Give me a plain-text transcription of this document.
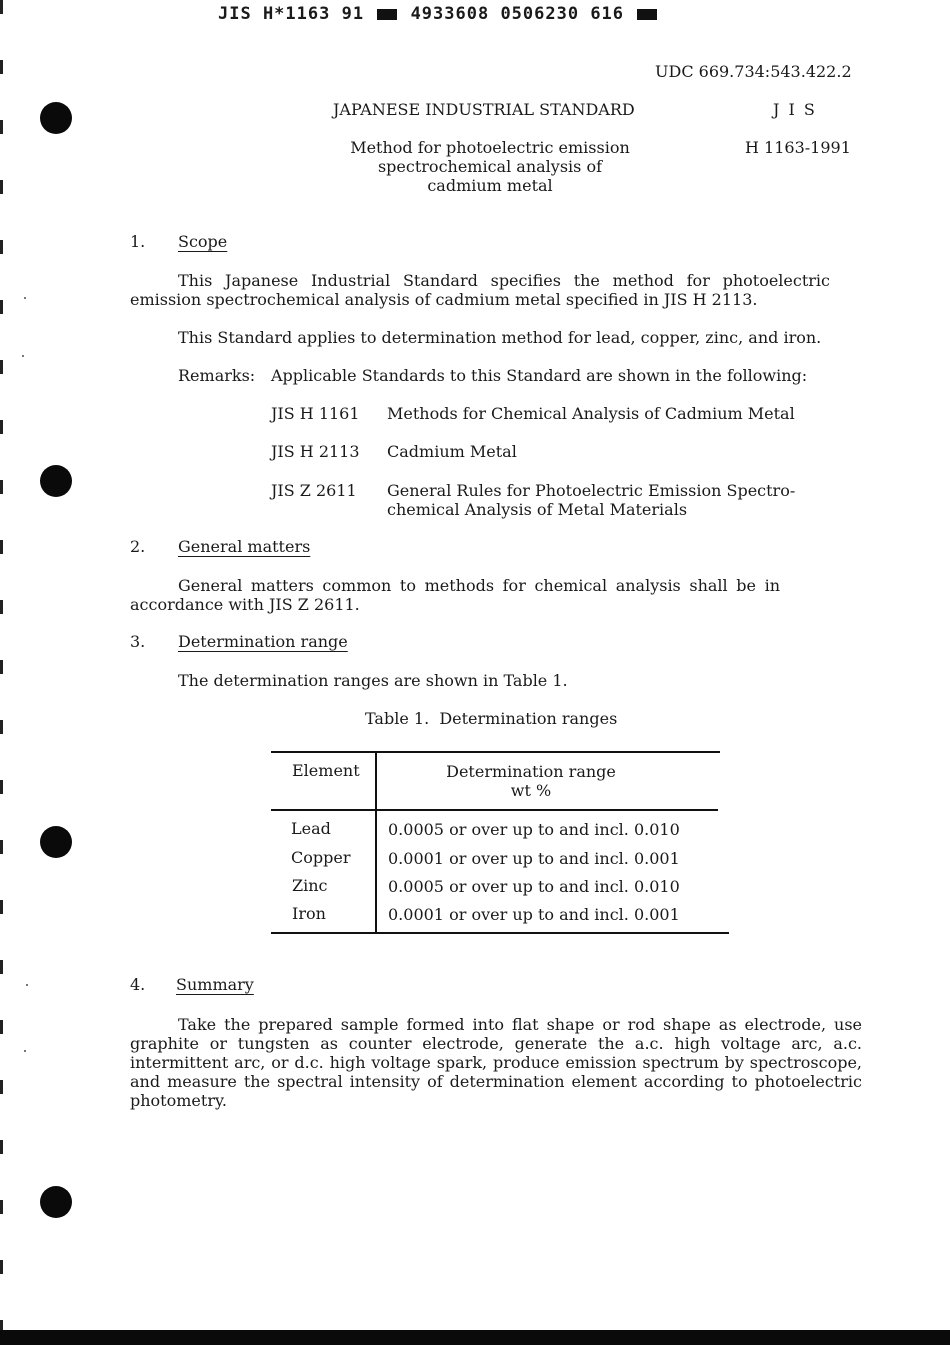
JIS H*1163 91	4933608 0506230 616
UDC 669.734:543.422.2
JAPANESE INDUSTRIAL STANDARD	J I S
Method for photoelectric emission
spectrochemical analysis of
cadmium metal
H 1163-1991
1. Scope
This Japanese Industrial Standard specifies the method for photoelectric emission spectrochemical analysis of cadmium metal specified in JIS H 2113.
This Standard applies to determination method for lead, copper, zinc, and iron.
Remarks: Applicable Standards to this Standard are shown in the following:
JIS H 1161 Methods for Chemical Analysis of Cadmium Metal
JIS H 2113 Cadmium Metal
JIS Z 2611 General Rules for Photoelectric Emission Spectro-
chemical Analysis of Metal Materials
2. General matters
General matters common to methods for chemical analysis shall be in accordance with JIS Z 2611.
3. Determination range
The determination ranges are shown in Table 1.
Table 1.  Determination ranges
Element	Determination range
wt %
Lead	0.0005 or over up to and incl. 0.010
Copper 0.0001 or over up to and incl. 0.001
Zinc	0.0005 or over up to and incl. 0.010
Iron	0.0001 or over up to and incl. 0.001
4. Summary
Take the prepared sample formed into flat shape or rod shape as electrode, use graphite or tungsten as counter electrode, generate the a.c. high voltage arc, a.c. intermittent arc, or d.c. high voltage spark, produce emission spectrum by spectroscope, and measure the spectral intensity of determination element according to photoelectric photometry.
